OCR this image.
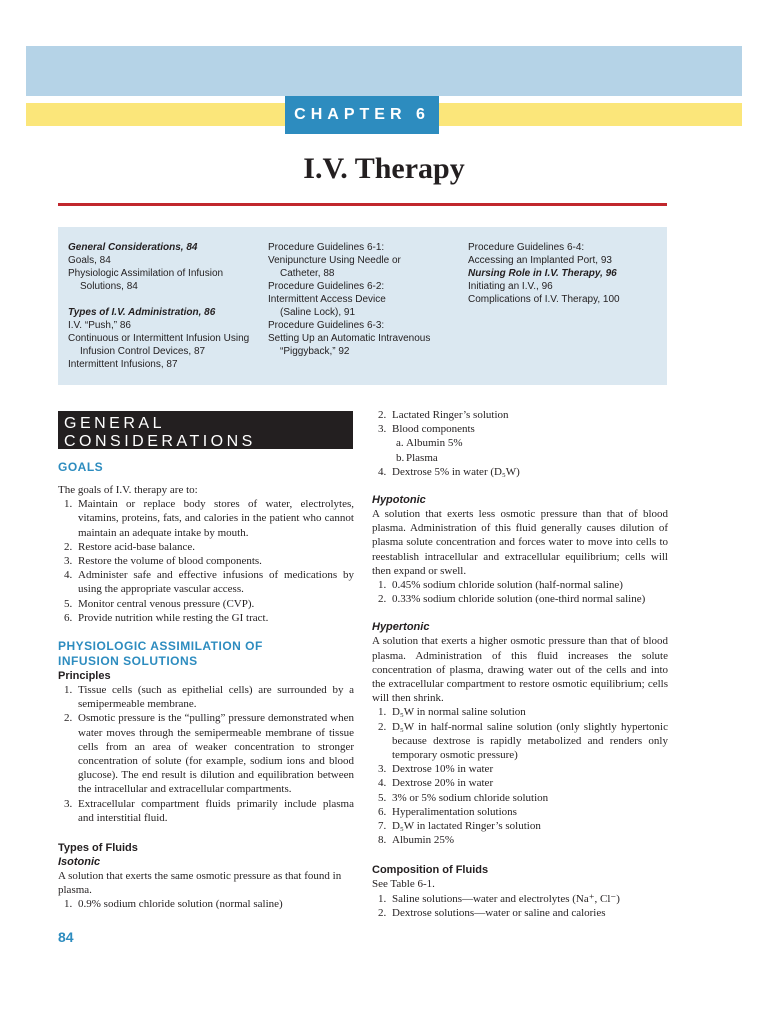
CHAPTER 6
I.V. Therapy
General Considerations, 84
Goals, 84
Physiologic Assimilation of Infusion
Solutions, 84
Types of I.V. Administration, 86
I.V. “Push,” 86
Continuous or Intermittent Infusion Using
Infusion Control Devices, 87
Intermittent Infusions, 87
Procedure Guidelines 6-1:
Venipuncture Using Needle or
Catheter, 88
Procedure Guidelines 6-2:
Intermittent Access Device
(Saline Lock), 91
Procedure Guidelines 6-3:
Setting Up an Automatic Intravenous
“Piggyback,” 92
Procedure Guidelines 6-4:
Accessing an Implanted Port, 93
Nursing Role in I.V. Therapy, 96
Initiating an I.V., 96
Complications of I.V. Therapy, 100
GENERAL CONSIDERATIONS
GOALS
The goals of I.V. therapy are to:
1. Maintain or replace body stores of water, electrolytes, vitamins, proteins, fats, and calories in the patient who cannot maintain an adequate intake by mouth.
2. Restore acid-base balance.
3. Restore the volume of blood components.
4. Administer safe and effective infusions of medications by using the appropriate vascular access.
5. Monitor central venous pressure (CVP).
6. Provide nutrition while resting the GI tract.
PHYSIOLOGIC ASSIMILATION OF
INFUSION SOLUTIONS
Principles
1. Tissue cells (such as epithelial cells) are surrounded by a semipermeable membrane.
2. Osmotic pressure is the “pulling” pressure demonstrated when water moves through the semipermeable membrane of tissue cells from an area of weaker concentration to stronger concentration of solute (for example, sodium ions and blood glucose). The end result is dilution and equilibration between the intracellular and extracellular compartments.
3. Extracellular compartment fluids primarily include plasma and interstitial fluid.
Types of Fluids
Isotonic
A solution that exerts the same osmotic pressure as that found in plasma.
1. 0.9% sodium chloride solution (normal saline)
2. Lactated Ringer’s solution
3. Blood components
a. Albumin 5%
b. Plasma
4. Dextrose 5% in water (D₅W)
Hypotonic
A solution that exerts less osmotic pressure than that of blood plasma. Administration of this fluid generally causes dilution of plasma solute concentration and forces water to move into cells to reestablish intracellular and extracellular equilibrium; cells will then expand or swell.
1. 0.45% sodium chloride solution (half-normal saline)
2. 0.33% sodium chloride solution (one-third normal saline)
Hypertonic
A solution that exerts a higher osmotic pressure than that of blood plasma. Administration of this fluid increases the solute concentration of plasma, drawing water out of the cells and into the extracellular compartment to restore osmotic equilibrium; cells will then shrink.
1. D₅W in normal saline solution
2. D₅W in half-normal saline solution (only slightly hypertonic because dextrose is rapidly metabolized and renders only temporary osmotic pressure)
3. Dextrose 10% in water
4. Dextrose 20% in water
5. 3% or 5% sodium chloride solution
6. Hyperalimentation solutions
7. D₅W in lactated Ringer’s solution
8. Albumin 25%
Composition of Fluids
See Table 6-1.
1. Saline solutions—water and electrolytes (Na⁺, Cl⁻)
2. Dextrose solutions—water or saline and calories
84
